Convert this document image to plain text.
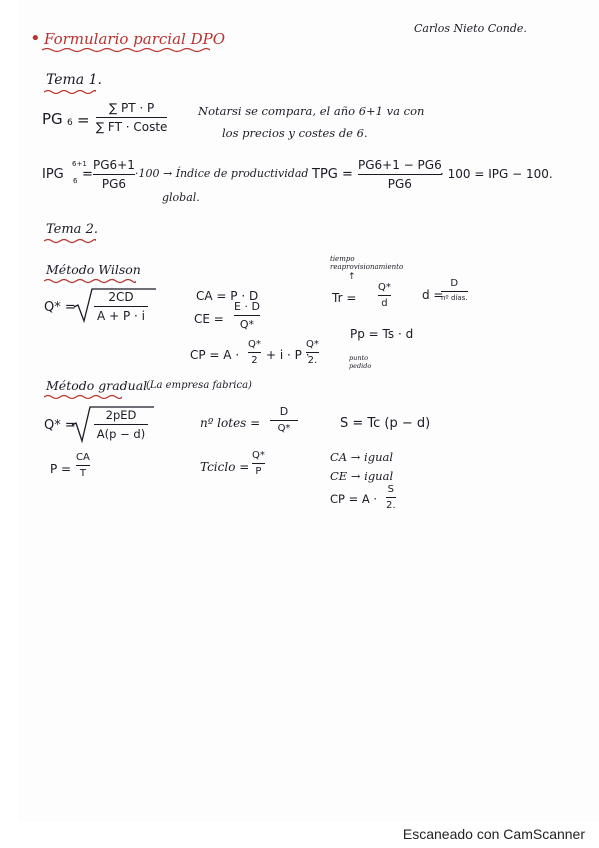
• Formulario parcial DPO
Carlos Nieto Conde.
Tema 1.
PG 6 =
∑ PT · P
∑ FT · Coste
Notarsi se compara, el año 6+1 va con
los precios y costes de 6.
IPG
6+1
6 =
PG6+1
PG6
·100 → Índice de productividad
global.
TPG =
PG6+1 − PG6
PG6
· 100 = IPG − 100.
Tema 2.
Método Wilson
Q* =
2CD
A + P · i
CA = P · D
CE =
E · D
Q*
CP = A ·
Q*
2 + i · P ·
Q*
2.
tiempo reaprovisionamiento
↑
Tr =
Q*
d
d =
D
nº días.
Pp = Ts · d
punto pedido
Método gradual.
(La empresa fabrica)
Q* =
2pED
A(p − d)
nº lotes =
D
Q*	S = Tc (p − d)
P =
CA
T	Tciclo =
Q*
P
CA → igual
CE → igual
CP = A ·
S
2.
Escaneado con CamScanner
